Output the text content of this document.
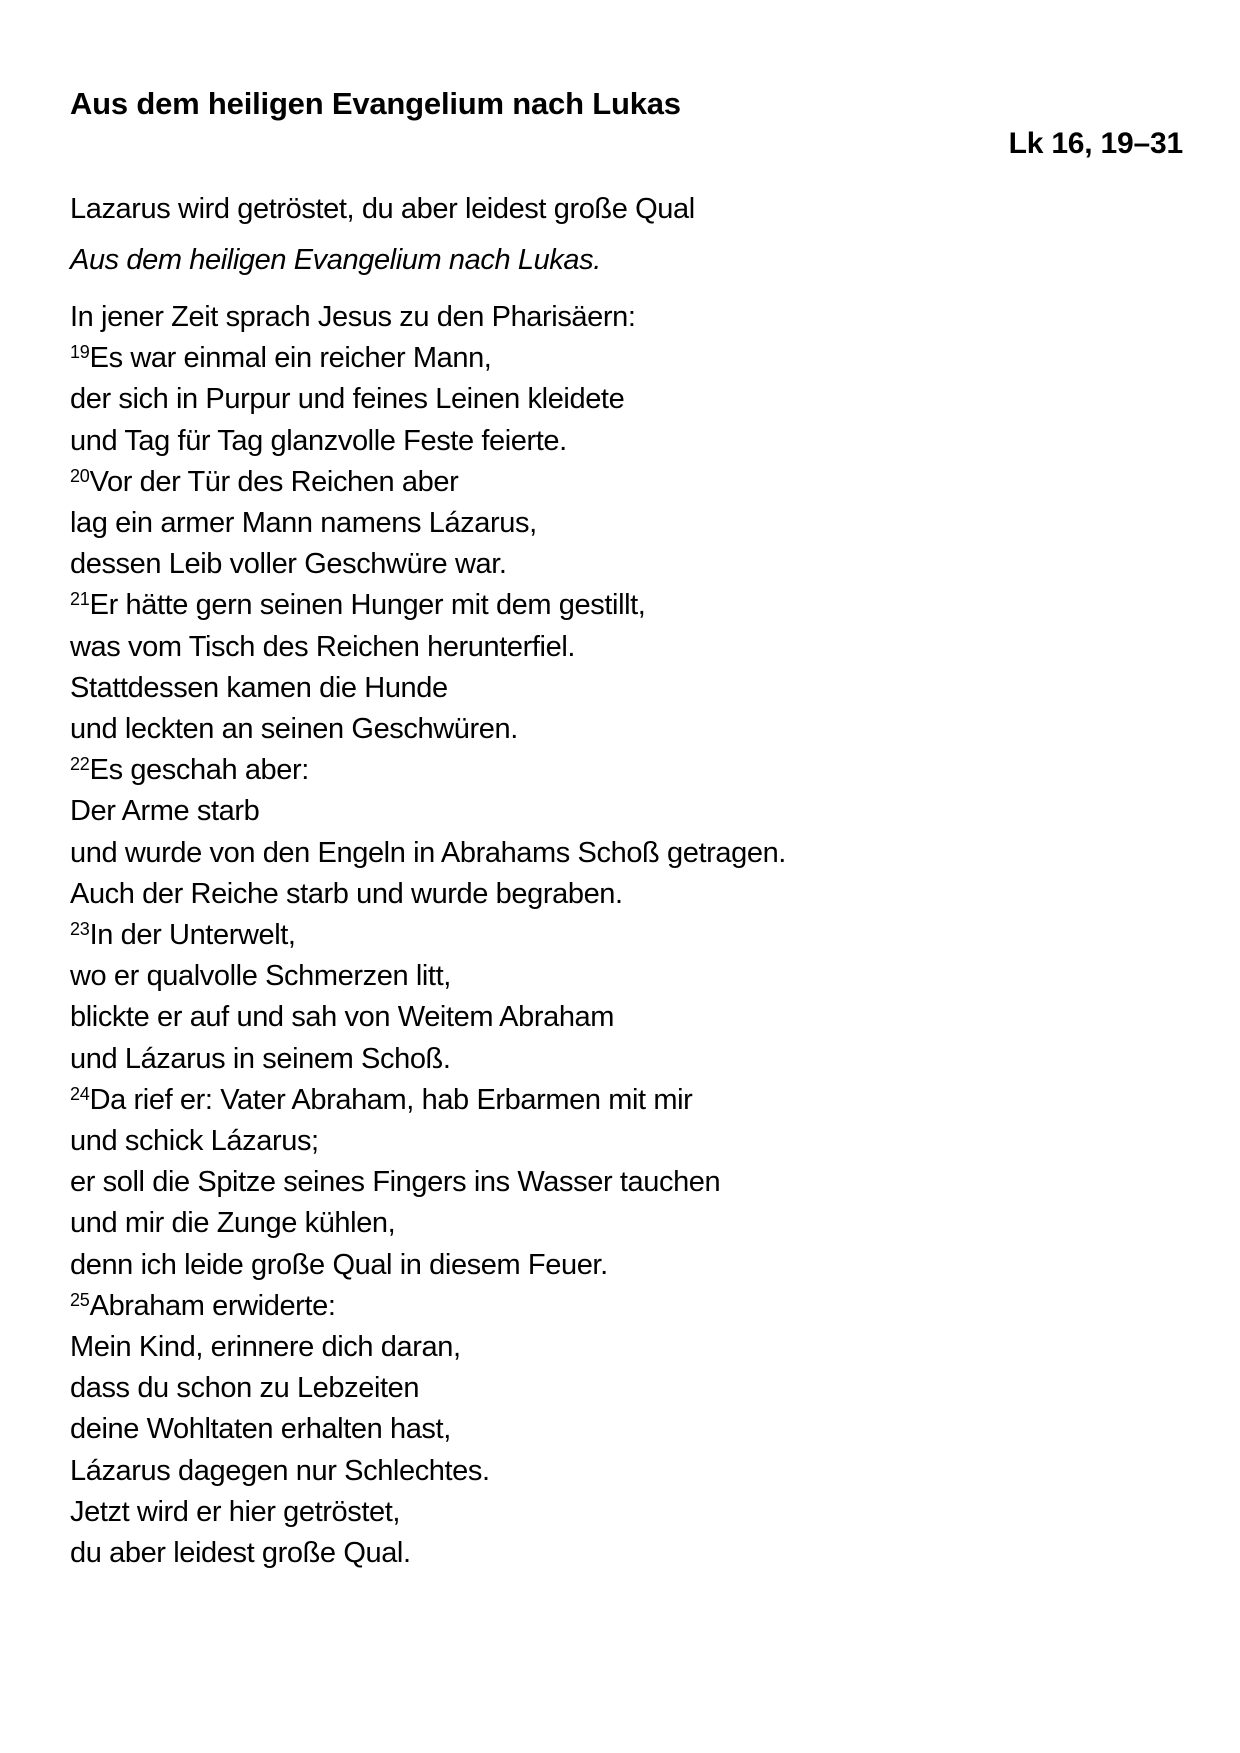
Aus dem heiligen Evangelium nach Lukas
Lk 16, 19–31

Lazarus wird getröstet, du aber leidest große Qual

Aus dem heiligen Evangelium nach Lukas.

In jener Zeit sprach Jesus zu den Pharisäern:

$^{19}$Es war einmal ein reicher Mann,

der sich in Purpur und feines Leinen kleidete

und Tag für Tag glanzvolle Feste feierte.

$^{20}$Vor der Tür des Reichen aber

lag ein armer Mann namens Lázarus,

dessen Leib voller Geschwüre war.

$^{21}$Er hätte gern seinen Hunger mit dem gestillt,

was vom Tisch des Reichen herunterfiel.

Stattdessen kamen die Hunde

und leckten an seinen Geschwüren.

$^{22}$Es geschah aber:

Der Arme starb

und wurde von den Engeln in Abrahams Schoß getragen.

Auch der Reiche starb und wurde begraben.

$^{23}$In der Unterwelt,

wo er qualvolle Schmerzen litt,

blickte er auf und sah von Weitem Abraham

und Lázarus in seinem Schoß.

$^{24}$Da rief er: Vater Abraham, hab Erbarmen mit mir

und schick Lázarus;

er soll die Spitze seines Fingers ins Wasser tauchen

und mir die Zunge kühlen,

denn ich leide große Qual in diesem Feuer.

$^{25}$Abraham erwiderte:

Mein Kind, erinnere dich daran,

dass du schon zu Lebzeiten

deine Wohltaten erhalten hast,

Lázarus dagegen nur Schlechtes.

Jetzt wird er hier getröstet,

du aber leidest große Qual.
